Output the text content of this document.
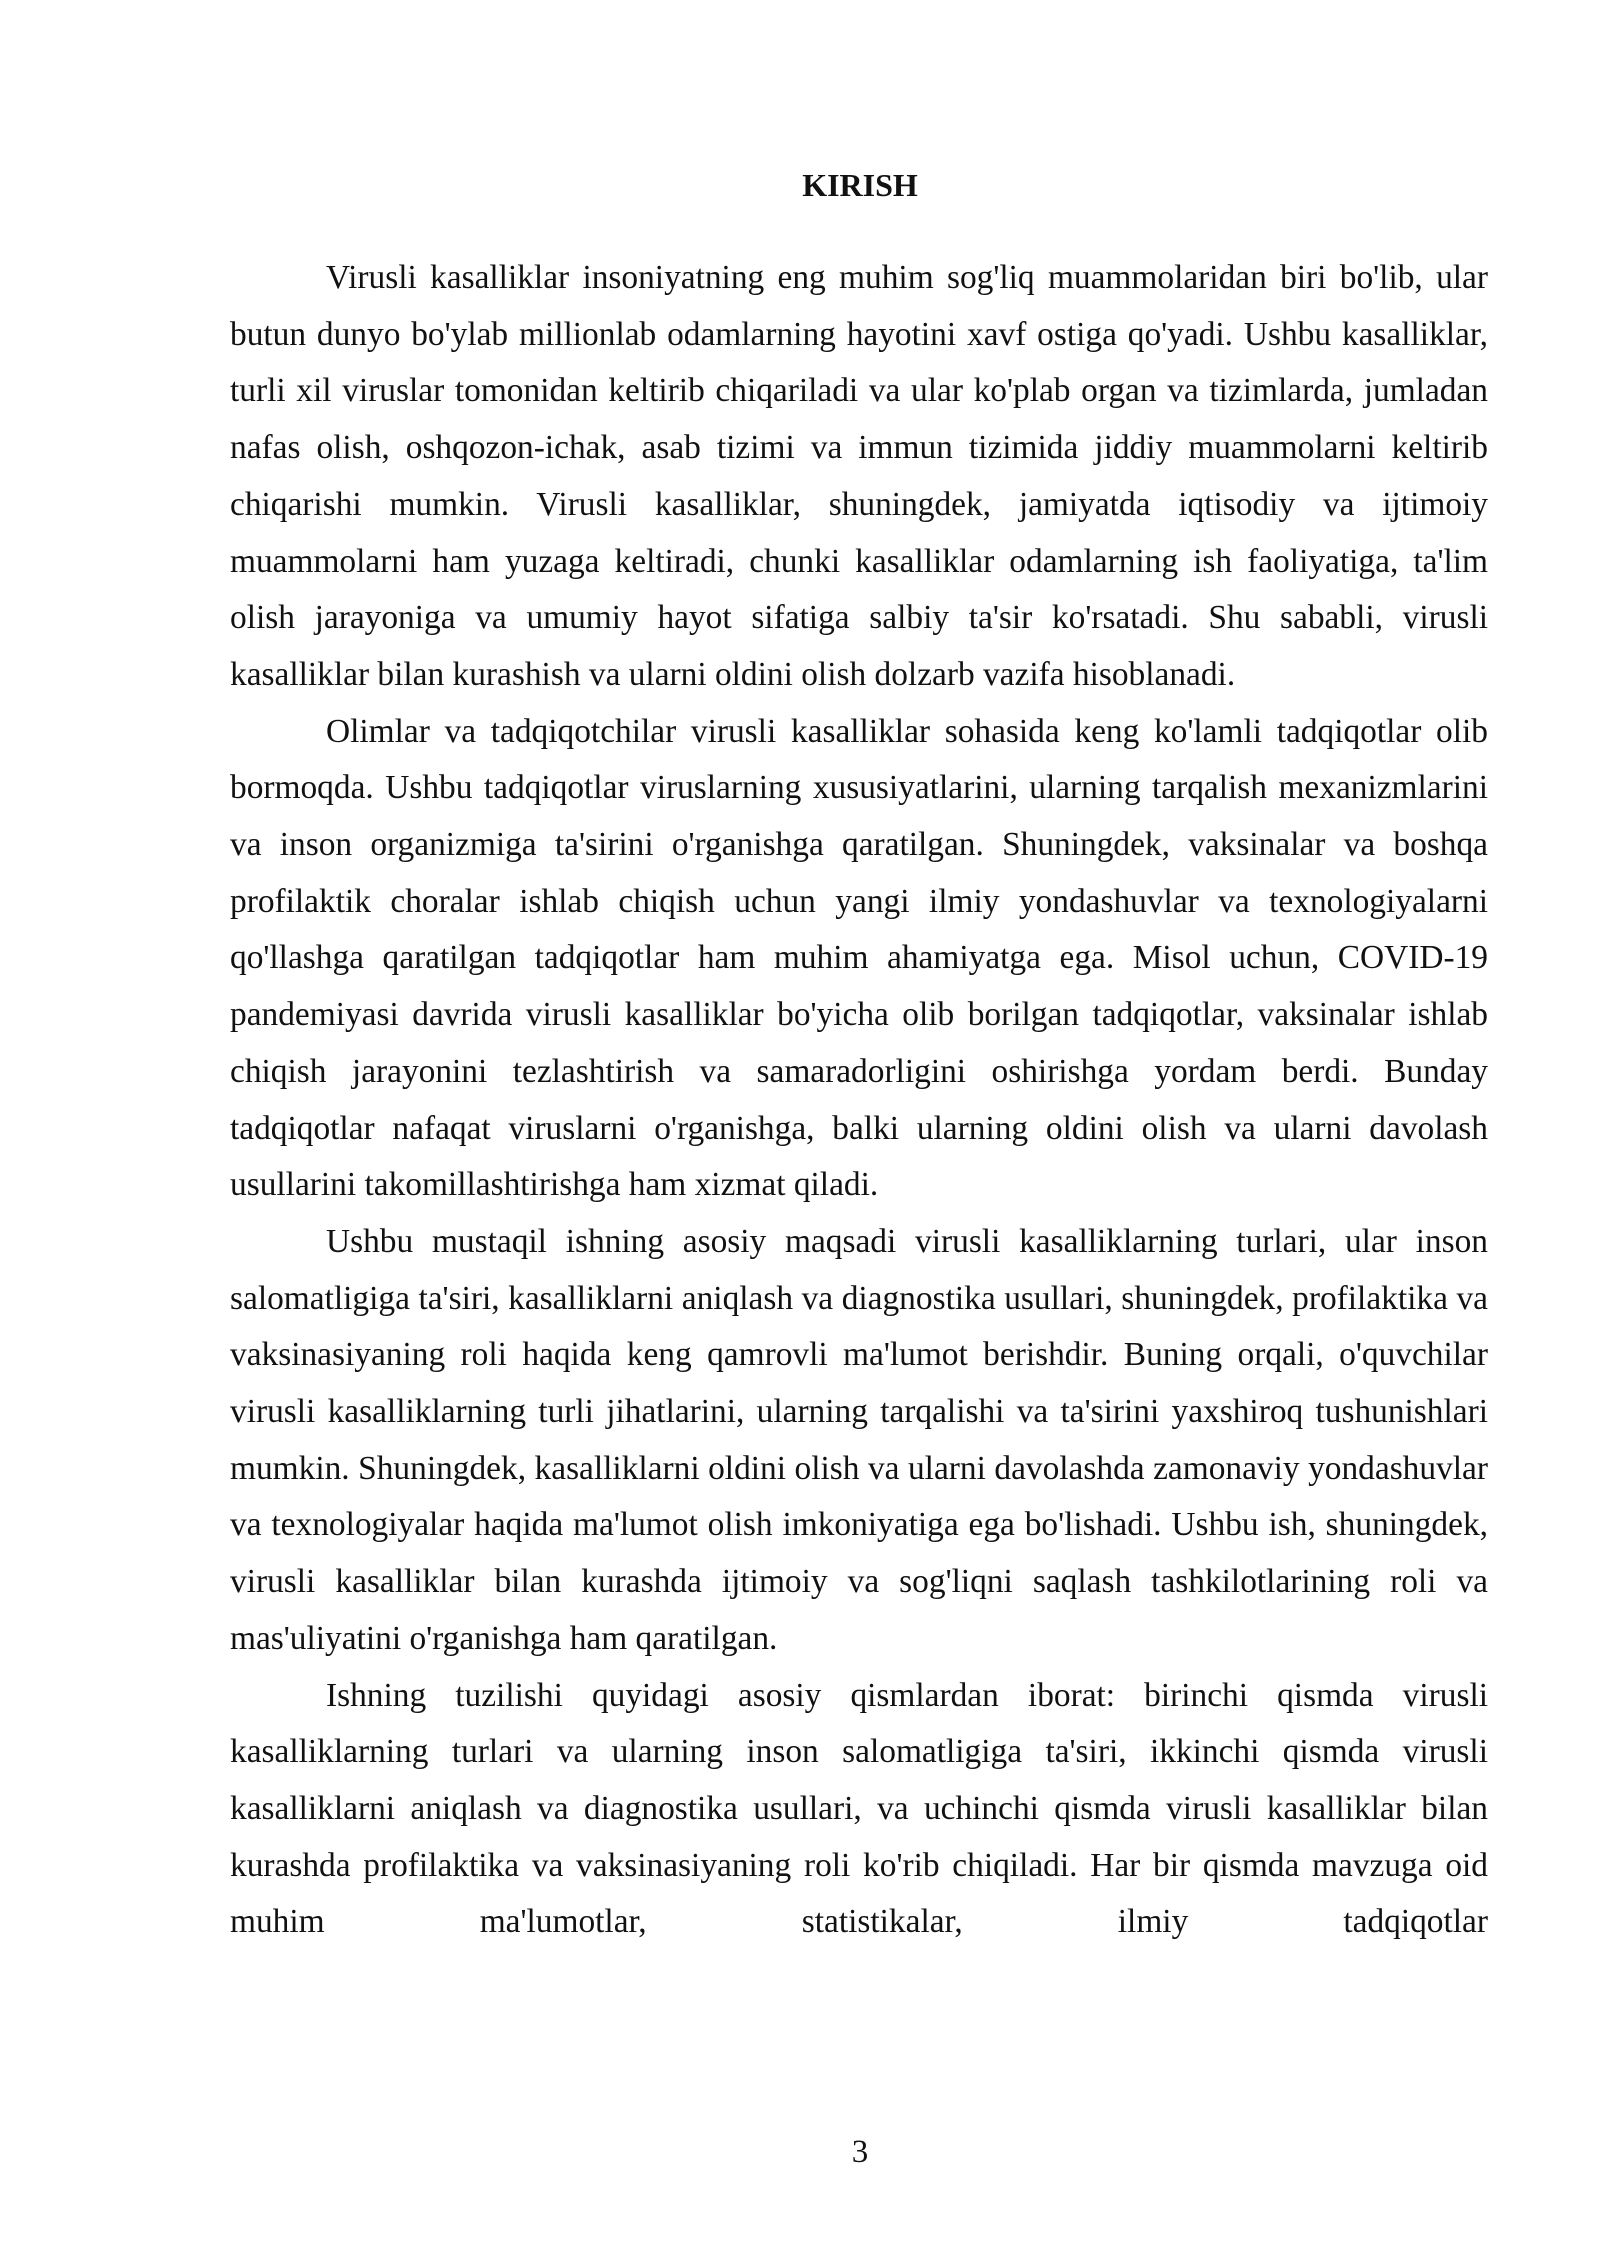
KIRISH

Virusli kasalliklar insoniyatning eng muhim sog'liq muammolaridan biri bo'lib, ular butun dunyo bo'ylab millionlab odamlarning hayotini xavf ostiga qo'yadi. Ushbu kasalliklar, turli xil viruslar tomonidan keltirib chiqariladi va ular ko'plab organ va tizimlarda, jumladan nafas olish, oshqozon-ichak, asab tizimi va immun tizimida jiddiy muammolarni keltirib chiqarishi mumkin. Virusli kasalliklar, shuningdek, jamiyatda iqtisodiy va ijtimoiy muammolarni ham yuzaga keltiradi, chunki kasalliklar odamlarning ish faoliyatiga, ta'lim olish jarayoniga va umumiy hayot sifatiga salbiy ta'sir ko'rsatadi. Shu sababli, virusli kasalliklar bilan kurashish va ularni oldini olish dolzarb vazifa hisoblanadi.

Olimlar va tadqiqotchilar virusli kasalliklar sohasida keng ko'lamli tadqiqotlar olib bormoqda. Ushbu tadqiqotlar viruslarning xususiyatlarini, ularning tarqalish mexanizmlarini va inson organizmiga ta'sirini o'rganishga qaratilgan. Shuningdek, vaksinalar va boshqa profilaktik choralar ishlab chiqish uchun yangi ilmiy yondashuvlar va texnologiyalarni qo'llashga qaratilgan tadqiqotlar ham muhim ahamiyatga ega. Misol uchun, COVID-19 pandemiyasi davrida virusli kasalliklar bo'yicha olib borilgan tadqiqotlar, vaksinalar ishlab chiqish jarayonini tezlashtirish va samaradorligini oshirishga yordam berdi. Bunday tadqiqotlar nafaqat viruslarni o'rganishga, balki ularning oldini olish va ularni davolash usullarini takomillashtirishga ham xizmat qiladi.

Ushbu mustaqil ishning asosiy maqsadi virusli kasalliklarning turlari, ular inson salomatligiga ta'siri, kasalliklarni aniqlash va diagnostika usullari, shuningdek, profilaktika va vaksinasiyaning roli haqida keng qamrovli ma'lumot berishdir. Buning orqali, o'quvchilar virusli kasalliklarning turli jihatlarini, ularning tarqalishi va ta'sirini yaxshiroq tushunishlari mumkin. Shuningdek, kasalliklarni oldini olish va ularni davolashda zamonaviy yondashuvlar va texnologiyalar haqida ma'lumot olish imkoniyatiga ega bo'lishadi. Ushbu ish, shuningdek, virusli kasalliklar bilan kurashda ijtimoiy va sog'liqni saqlash tashkilotlarining roli va mas'uliyatini o'rganishga ham qaratilgan.

Ishning tuzilishi quyidagi asosiy qismlardan iborat: birinchi qismda virusli kasalliklarning turlari va ularning inson salomatligiga ta'siri, ikkinchi qismda virusli kasalliklarni aniqlash va diagnostika usullari, va uchinchi qismda virusli kasalliklar bilan kurashda profilaktika va vaksinasiyaning roli ko'rib chiqiladi. Har bir qismda mavzuga oid muhim ma'lumotlar, statistikalar, ilmiy tadqiqotlar

3
